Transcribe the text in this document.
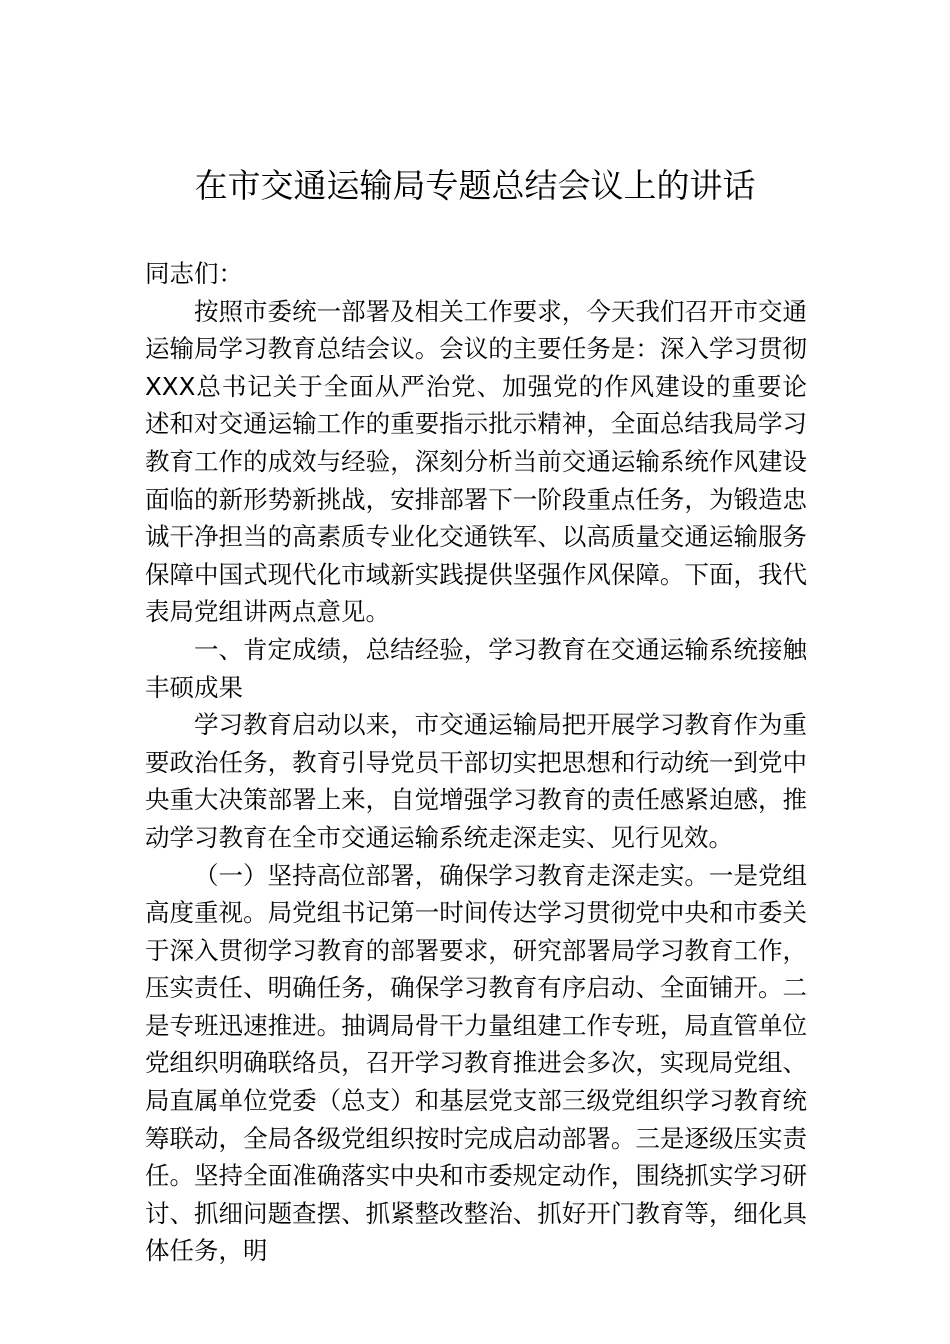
在市交通运输局专题总结会议上的讲话

同志们：

按照市委统一部署及相关工作要求，今天我们召开市交通运输局学习教育总结会议。会议的主要任务是：深入学习贯彻XXX总书记关于全面从严治党、加强党的作风建设的重要论述和对交通运输工作的重要指示批示精神，全面总结我局学习教育工作的成效与经验，深刻分析当前交通运输系统作风建设面临的新形势新挑战，安排部署下一阶段重点任务，为锻造忠诚干净担当的高素质专业化交通铁军、以高质量交通运输服务保障中国式现代化市域新实践提供坚强作风保障。下面，我代表局党组讲两点意见。

一、肯定成绩，总结经验，学习教育在交通运输系统接触丰硕成果

学习教育启动以来，市交通运输局把开展学习教育作为重要政治任务，教育引导党员干部切实把思想和行动统一到党中央重大决策部署上来，自觉增强学习教育的责任感紧迫感，推动学习教育在全市交通运输系统走深走实、见行见效。

（一）坚持高位部署，确保学习教育走深走实。一是党组高度重视。局党组书记第一时间传达学习贯彻党中央和市委关于深入贯彻学习教育的部署要求，研究部署局学习教育工作，压实责任、明确任务，确保学习教育有序启动、全面铺开。二是专班迅速推进。抽调局骨干力量组建工作专班，局直管单位党组织明确联络员，召开学习教育推进会多次，实现局党组、局直属单位党委（总支）和基层党支部三级党组织学习教育统筹联动，全局各级党组织按时完成启动部署。三是逐级压实责任。坚持全面准确落实中央和市委规定动作，围绕抓实学习研讨、抓细问题查摆、抓紧整改整治、抓好开门教育等，细化具体任务，明
